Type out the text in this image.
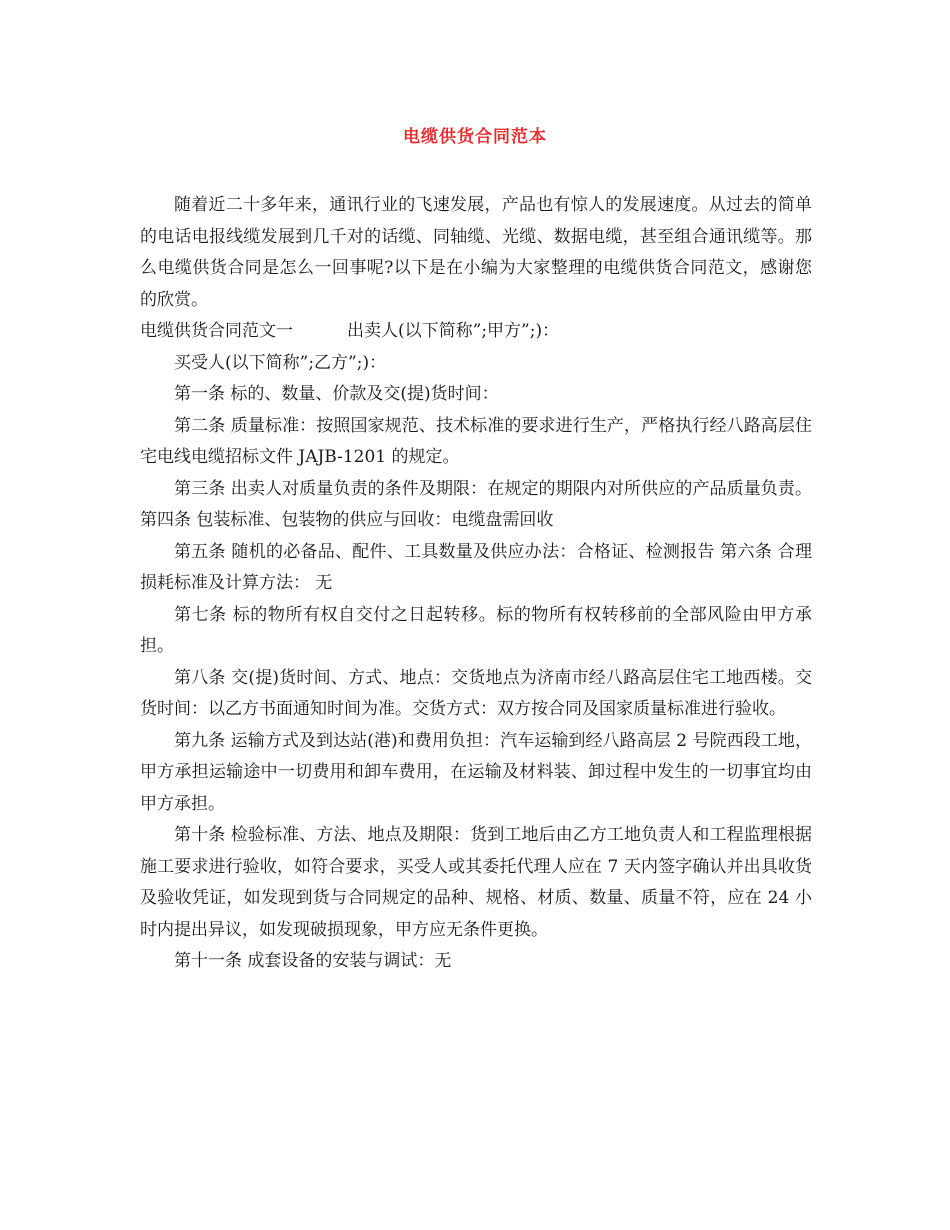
电缆供货合同范本

随着近二十多年来，通讯行业的飞速发展，产品也有惊人的发展速度。从过去的简单的电话电报线缆发展到几千对的话缆、同轴缆、光缆、数据电缆，甚至组合通讯缆等。那么电缆供货合同是怎么一回事呢?以下是在小编为大家整理的电缆供货合同范文，感谢您的欣赏。

电缆供货合同范文一	出卖人(以下简称”;甲方”;)：

买受人(以下简称”;乙方”;)：

第一条 标的、数量、价款及交(提)货时间：

第二条 质量标准：按照国家规范、技术标准的要求进行生产，严格执行经八路高层住宅电线电缆招标文件 JAJB-1201 的规定。

第三条 出卖人对质量负责的条件及期限：在规定的期限内对所供应的产品质量负责。 第四条 包装标准、包装物的供应与回收：电缆盘需回收

第五条 随机的必备品、配件、工具数量及供应办法：合格证、检测报告 第六条 合理损耗标准及计算方法： 无

第七条 标的物所有权自交付之日起转移。标的物所有权转移前的全部风险由甲方承担。

第八条 交(提)货时间、方式、地点：交货地点为济南市经八路高层住宅工地西楼。交货时间：以乙方书面通知时间为准。交货方式：双方按合同及国家质量标准进行验收。

第九条 运输方式及到达站(港)和费用负担：汽车运输到经八路高层 2 号院西段工地，甲方承担运输途中一切费用和卸车费用，在运输及材料装、卸过程中发生的一切事宜均由甲方承担。

第十条 检验标准、方法、地点及期限：货到工地后由乙方工地负责人和工程监理根据施工要求进行验收，如符合要求，买受人或其委托代理人应在 7 天内签字确认并出具收货及验收凭证，如发现到货与合同规定的品种、规格、材质、数量、质量不符，应在 24 小时内提出异议，如发现破损现象，甲方应无条件更换。

第十一条 成套设备的安装与调试：无
